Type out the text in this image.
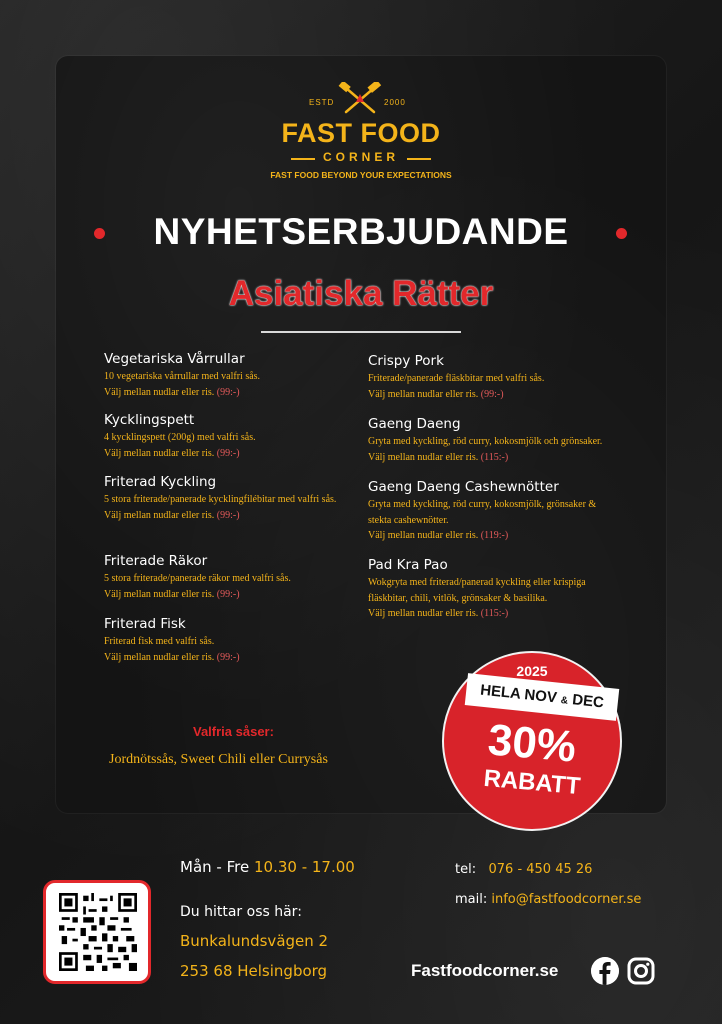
ESTD	2000
FAST FOOD
CORNER
FAST FOOD BEYOND YOUR EXPECTATIONS
NYHETSERBJUDANDE
Asiatiska Rätter
Vegetariska Vårrullar
10 vegetariska vårrullar med valfri sås.
Välj mellan nudlar eller ris. (99:-)
Kycklingspett
4 kycklingspett (200g) med valfri sås.
Välj mellan nudlar eller ris. (99:-)
Friterad Kyckling
5 stora friterade/panerade kycklingfilébitar med valfri sås.
Välj mellan nudlar eller ris. (99:-)
Friterade Räkor
5 stora friterade/panerade räkor med valfri sås.
Välj mellan nudlar eller ris. (99:-)
Friterad Fisk
Friterad fisk med valfri sås.
Välj mellan nudlar eller ris. (99:-)
Crispy Pork
Friterade/panerade fläskbitar med valfri sås.
Välj mellan nudlar eller ris. (99:-)
Gaeng Daeng
Gryta med kyckling, röd curry, kokosmjölk och grönsaker. Välj mellan nudlar eller ris. (115:-)
Gaeng Daeng Cashewnötter
Gryta med kyckling, röd curry, kokosmjölk, grönsaker & stekta cashewnötter.
Välj mellan nudlar eller ris. (119:-)
Pad Kra Pao
Wokgryta med friterad/panerad kyckling eller krispiga fläskbitar, chili, vitlök, grönsaker & basilika.
Välj mellan nudlar eller ris. (115:-)
Valfria såser:
Jordnötssås, Sweet Chili eller Currysås
2025
HELA NOV & DEC
30%
RABATT
Mån - Fre 10.30 - 17.00
Du hittar oss här:
Bunkalundsvägen 2
253 68 Helsingborg
tel: 076 - 450 45 26
mail: info@fastfoodcorner.se
Fastfoodcorner.se
